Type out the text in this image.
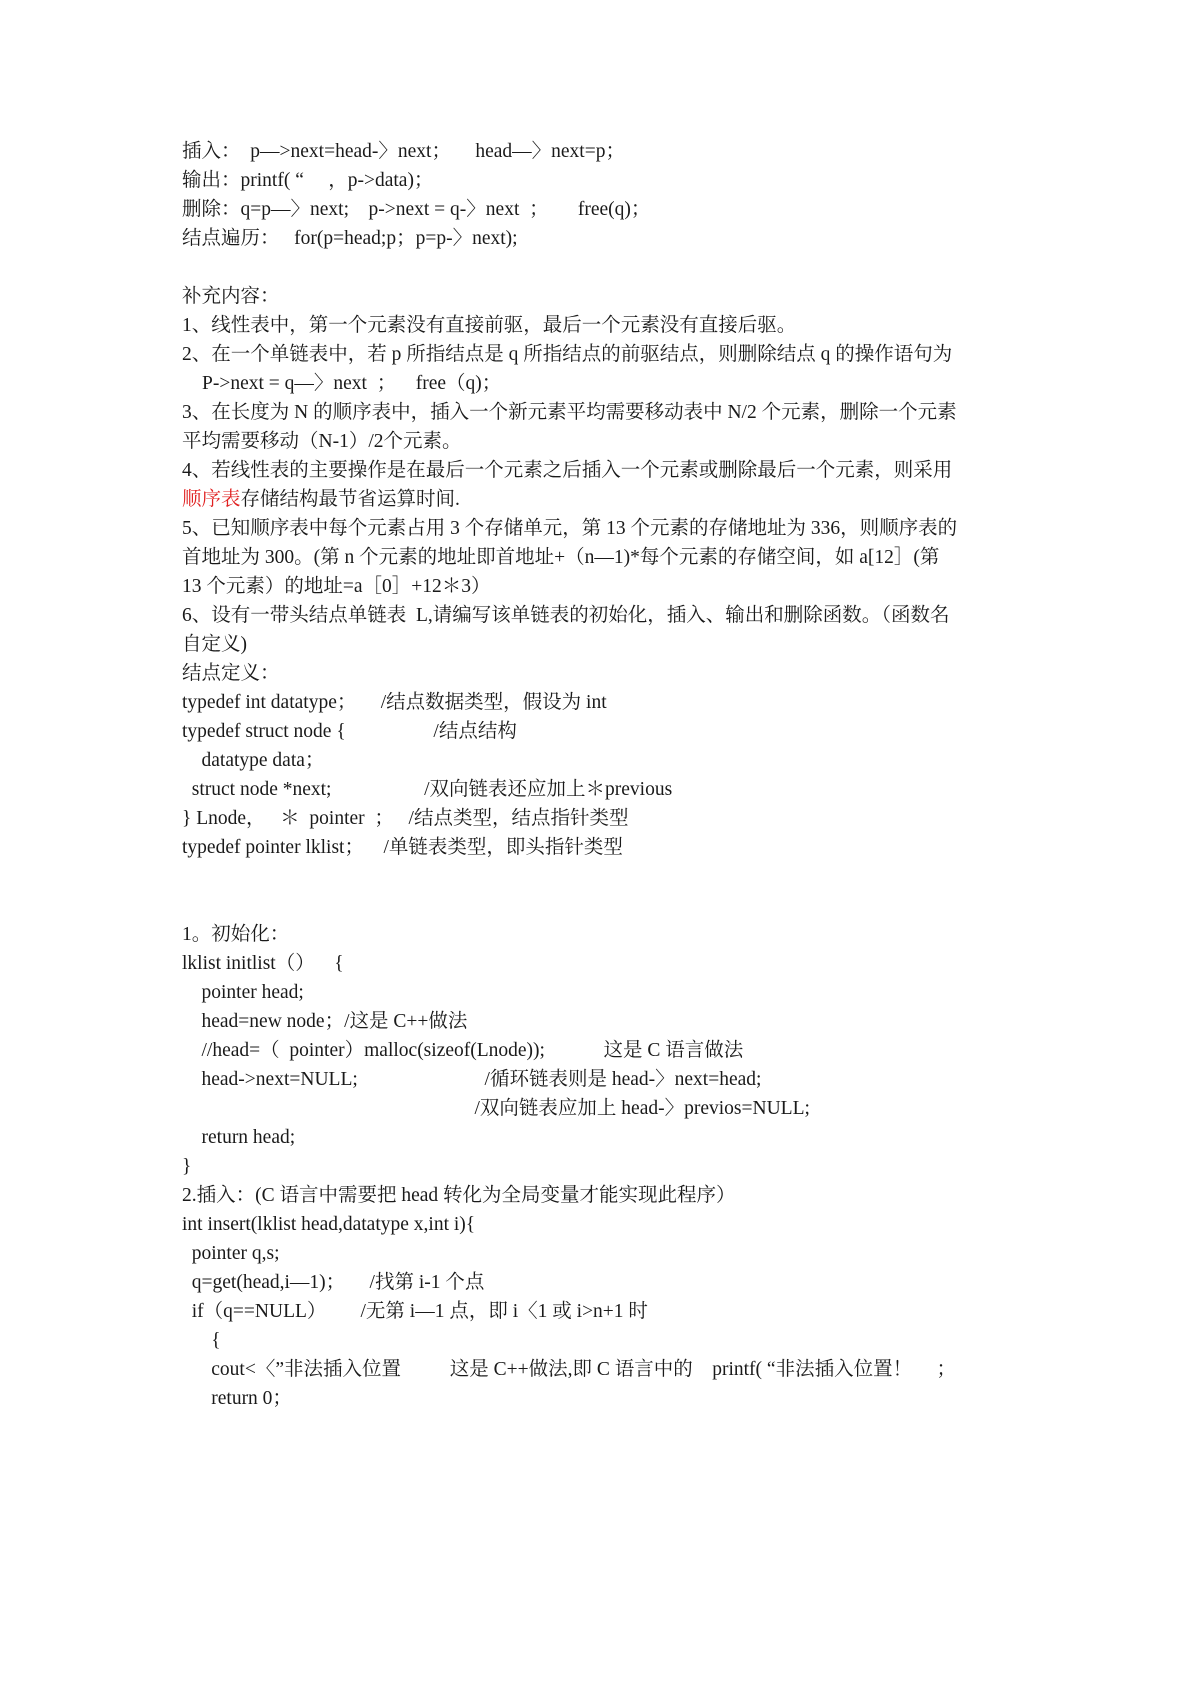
插入：  p—>next=head-〉next；     head—〉next=p；
输出：printf( “     ，p->data)；
删除：q=p—〉next;    p->next = q-〉next  ；      free(q)；
结点遍历：   for(p=head;p；p=p-〉next);
补充内容：
1、线性表中，第一个元素没有直接前驱，最后一个元素没有直接后驱。
2、在一个单链表中，若 p 所指结点是 q 所指结点的前驱结点，则删除结点 q 的操作语句为
P->next = q—〉next  ；    free（q)；
3、在长度为 N 的顺序表中，插入一个新元素平均需要移动表中 N/2 个元素，删除一个元素
平均需要移动（N-1）/2个元素。
4、若线性表的主要操作是在最后一个元素之后插入一个元素或删除最后一个元素，则采用
顺序表存储结构最节省运算时间.
5、已知顺序表中每个元素占用 3 个存储单元，第 13 个元素的存储地址为 336，则顺序表的
首地址为 300。(第 n 个元素的地址即首地址+（n—1)*每个元素的存储空间，如 a[12］(第
13 个元素）的地址=a［0］+12＊3）
6、设有一带头结点单链表  L,请编写该单链表的初始化，插入、输出和删除函数。（函数名
自定义)
结点定义：
typedef int datatype；     /结点数据类型，假设为 int
typedef struct node {                  /结点结构
datatype data；
struct node *next;                   /双向链表还应加上＊previous
} Lnode，   ＊  pointer  ；   /结点类型，结点指针类型
typedef pointer lklist；    /单链表类型，即头指针类型
1。初始化：
lklist initlist（）    {
pointer head;
head=new node；/这是 C++做法
//head=（  pointer）malloc(sizeof(Lnode));            这是 C 语言做法
head->next=NULL;                          /循环链表则是 head-〉next=head;
/双向链表应加上 head-〉previos=NULL;
return head;
}
2.插入：(C 语言中需要把 head 转化为全局变量才能实现此程序）
int insert(lklist head,datatype x,int i){
pointer q,s;
q=get(head,i—1)；     /找第 i-1 个点
if（q==NULL）       /无第 i—1 点，即 i〈1 或 i>n+1 时
{
cout<〈”非法插入位置          这是 C++做法,即 C 语言中的    printf( “非法插入位置！     ；
return 0；
